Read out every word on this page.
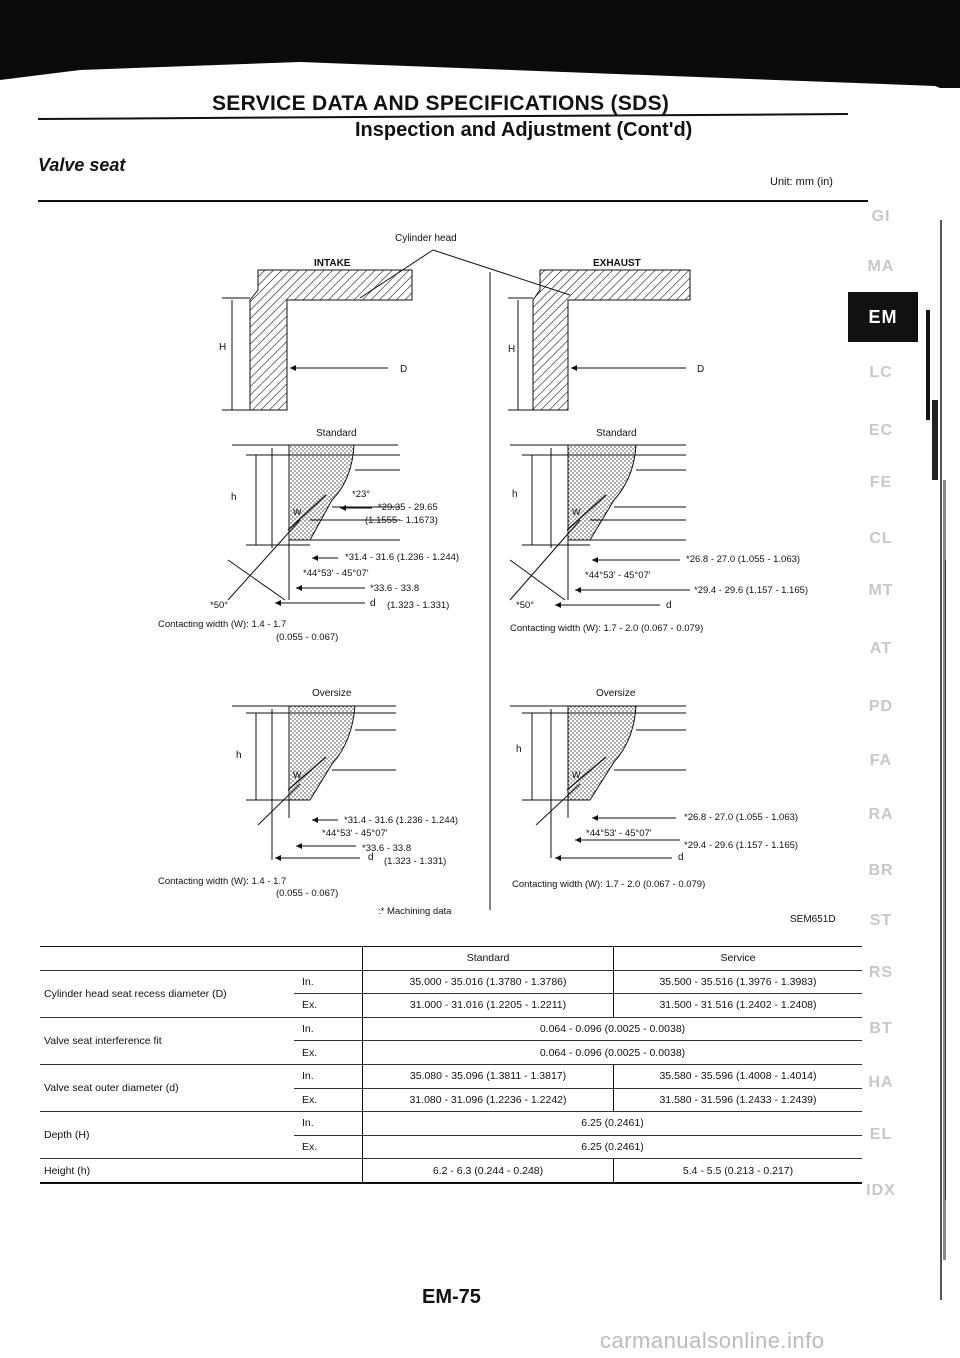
SERVICE DATA AND SPECIFICATIONS (SDS)
Inspection and Adjustment (Cont'd)
Valve seat
Unit: mm (in)
Cylinder head
INTAKE	EXHAUST
H
D
H
D
Standard
h
W
*23°
*29.35 - 29.65
(1.1555 - 1.1673)
*31.4 - 31.6 (1.236 - 1.244)
*44°53′ - 45°07′
*33.6 - 33.8
d (1.323 - 1.331)
*50°
Contacting width (W): 1.4 - 1.7
(0.055 - 0.067)
Standard
h
W
*26.8 - 27.0 (1.055 - 1.063)
*44°53′ - 45°07′
*29.4 - 29.6 (1.157 - 1.165)
d
*50°
Contacting width (W): 1.7 - 2.0 (0.067 - 0.079)
Oversize
h
W
*31.4 - 31.6 (1.236 - 1.244)
*44°53′ - 45°07′
*33.6 - 33.8
d (1.323 - 1.331)
Contacting width (W): 1.4 - 1.7
(0.055 - 0.067)
:* Machining data
Oversize
h
W
*26.8 - 27.0 (1.055 - 1.063)
*44°53′ - 45°07′
*29.4 - 29.6 (1.157 - 1.165)
d
Contacting width (W): 1.7 - 2.0 (0.067 - 0.079)
SEM651D
		Standard	Service
Cylinder head seat recess diameter (D)	In.	35.000 - 35.016 (1.3780 - 1.3786)	35.500 - 35.516 (1.3976 - 1.3983)
	Ex.	31.000 - 31.016 (1.2205 - 1.2211)	31.500 - 31.516 (1.2402 - 1.2408)
Valve seat interference fit	In.	0.064 - 0.096 (0.0025 - 0.0038)	
	Ex.	0.064 - 0.096 (0.0025 - 0.0038)	
Valve seat outer diameter (d)	In.	35.080 - 35.096 (1.3811 - 1.3817)	35.580 - 35.596 (1.4008 - 1.4014)
	Ex.	31.080 - 31.096 (1.2236 - 1.2242)	31.580 - 31.596 (1.2433 - 1.2439)
Depth (H)	In.	6.25 (0.2461)	
	Ex.	6.25 (0.2461)	
Height (h)		6.2 - 6.3 (0.244 - 0.248)	5.4 - 5.5 (0.213 - 0.217)
EM-75
carmanualsonline.info
GI
MA
EM
LC
EC
FE
CL
MT
AT
PD
FA
RA
BR
ST
RS
BT
HA
EL
IDX
